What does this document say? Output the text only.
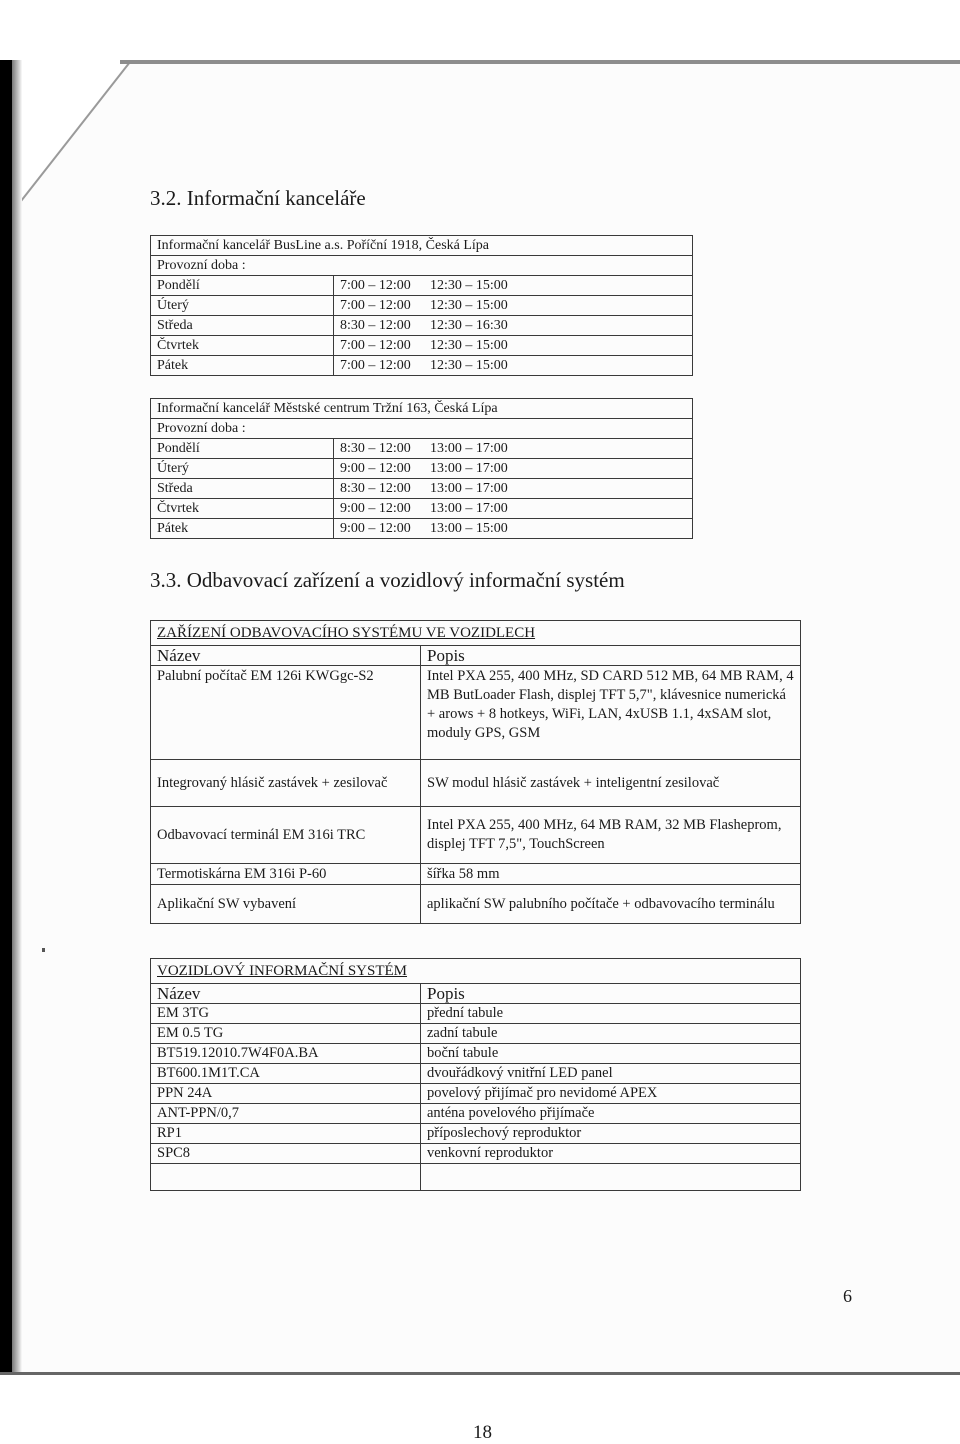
3.2. Informační kanceláře
Informační kancelář BusLine a.s. Poříční 1918, Česká Lípa		
Provozní doba :		
Pondělí	7:00 – 12:00	12:30 – 15:00
Úterý	7:00 – 12:00	12:30 – 15:00
Středa	8:30 – 12:00	12:30 – 16:30
Čtvrtek	7:00 – 12:00	12:30 – 15:00
Pátek	7:00 – 12:00	12:30 – 15:00
Informační kancelář Městské centrum Tržní 163, Česká Lípa		
Provozní doba :		
Pondělí	8:30 – 12:00	13:00 – 17:00
Úterý	9:00 – 12:00	13:00 – 17:00
Středa	8:30 – 12:00	13:00 – 17:00
Čtvrtek	9:00 – 12:00	13:00 – 17:00
Pátek	9:00 – 12:00	13:00 – 15:00
3.3. Odbavovací zařízení a vozidlový informační systém
ZAŘÍZENÍ ODBAVOVACÍHO SYSTÉMU VE VOZIDLECH	
Název	Popis
Palubní počítač EM 126i KWGgc-S2	Intel PXA 255, 400 MHz, SD CARD 512 MB, 64 MB RAM, 4 MB ButLoader Flash, displej TFT 5,7", klávesnice numerická + arows + 8 hotkeys, WiFi, LAN, 4xUSB 1.1, 4xSAM slot, moduly GPS, GSM
Integrovaný hlásič zastávek + zesilovač	SW modul hlásič zastávek + inteligentní zesilovač
Odbavovací terminál EM 316i TRC	Intel PXA 255, 400 MHz, 64 MB RAM, 32 MB Flasheprom, displej TFT 7,5", TouchScreen
Termotiskárna EM 316i P-60	šířka 58 mm
Aplikační SW vybavení	aplikační SW palubního počítače + odbavovacího terminálu
VOZIDLOVÝ INFORMAČNÍ SYSTÉM	
Název	Popis
EM 3TG	přední tabule
EM 0.5 TG	zadní tabule
BT519.12010.7W4F0A.BA	boční tabule
BT600.1M1T.CA	dvouřádkový vnitřní LED panel
PPN 24A	povelový přijímač pro nevidomé APEX
ANT-PPN/0,7	anténa povelového přijímače
RP1	příposlechový reproduktor
SPC8	venkovní reproduktor

6
18
